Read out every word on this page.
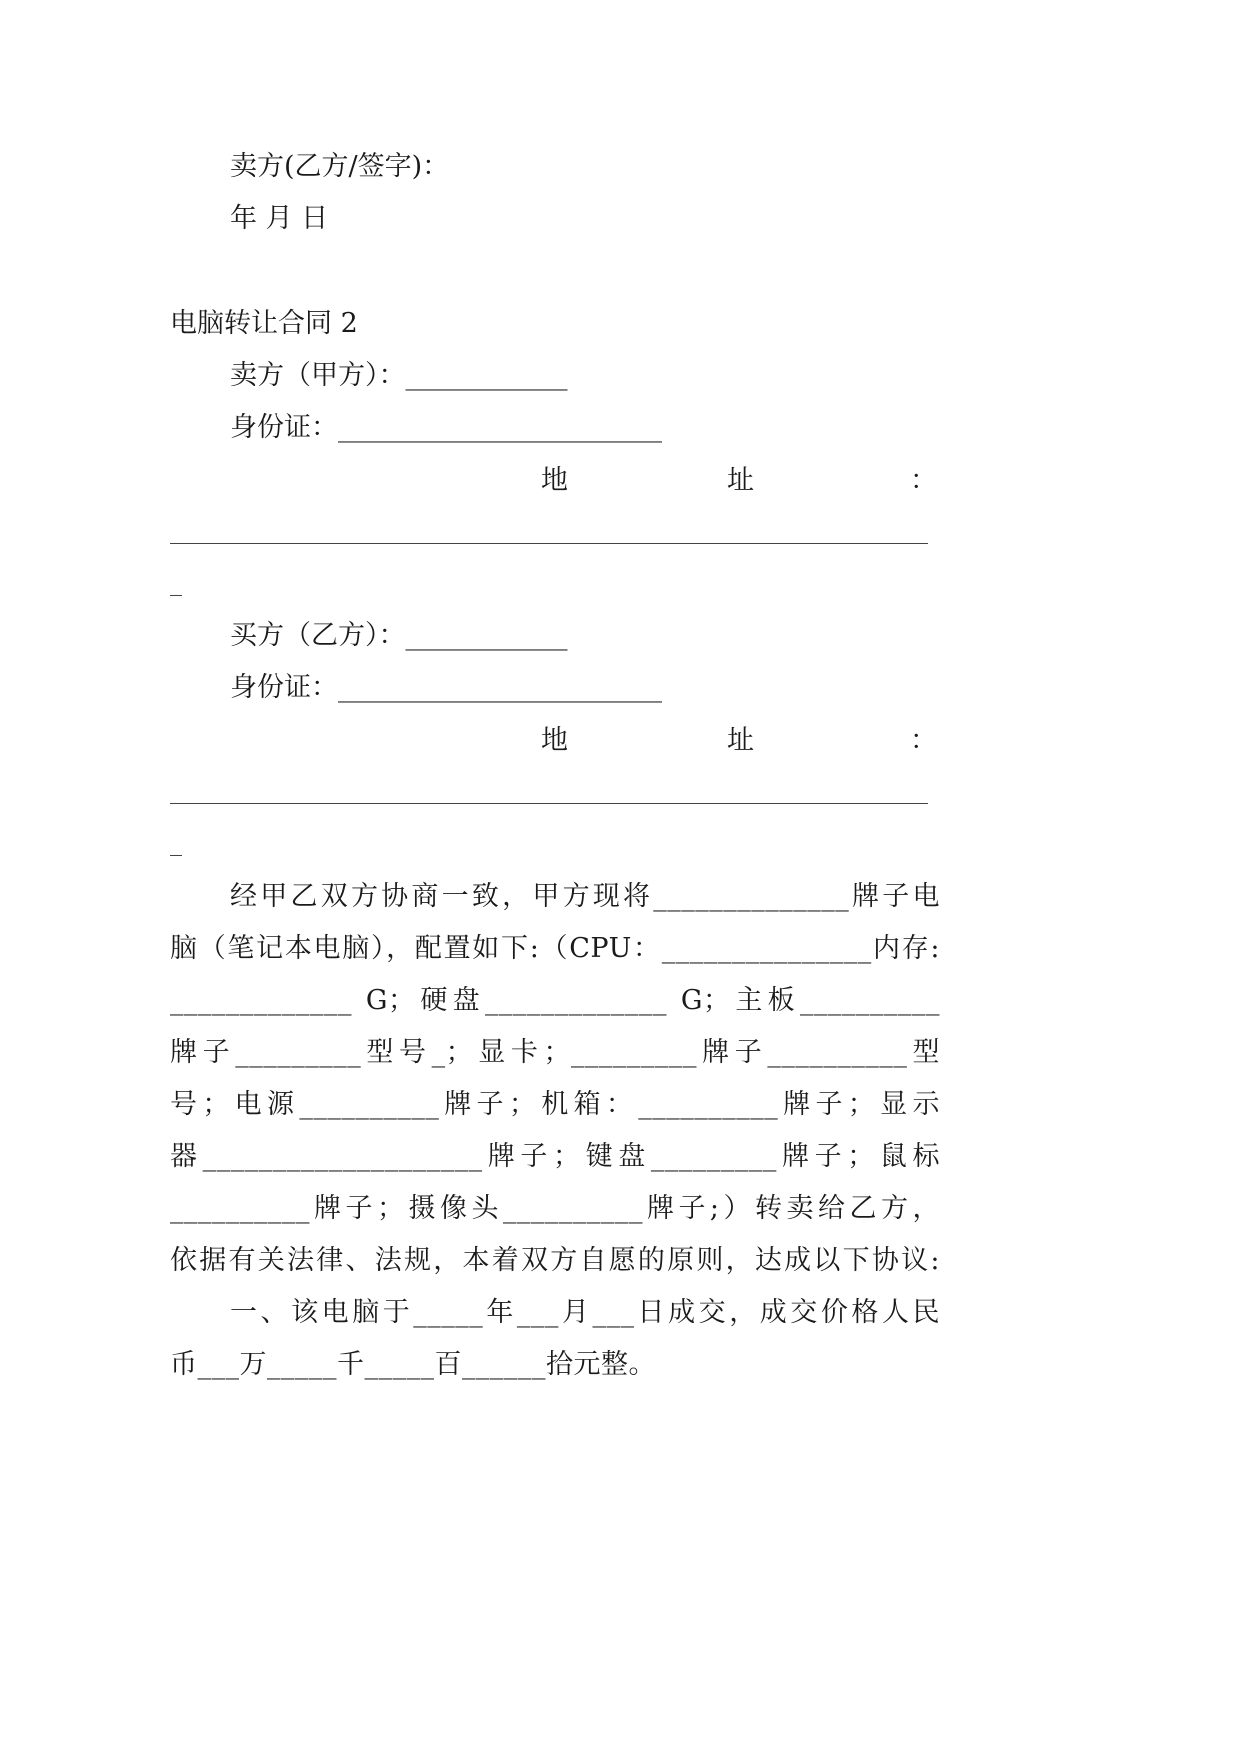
卖方(乙方/签字)：
年 月 日
电脑转让合同 2
卖方（甲方）：____________
身份证：________________________
地	址	：
买方（乙方）：____________
身份证：________________________
地	址	：
经甲乙双方协商一致，甲方现将______________牌子电
脑（笔记本电脑），配置如下:（CPU：_______________内存:
_____________ G；硬盘_____________ G；主板__________
牌子_________型号_；显卡；_________牌子__________型
号；电源__________牌子；机箱：__________牌子；显示
器____________________牌子；键盘_________牌子；鼠标
__________牌子；摄像头__________牌子;）转卖给乙方，
依据有关法律、法规，本着双方自愿的原则，达成以下协议:
一、该电脑于_____年___月___日成交，成交价格人民
币___万_____千_____百______拾元整。
